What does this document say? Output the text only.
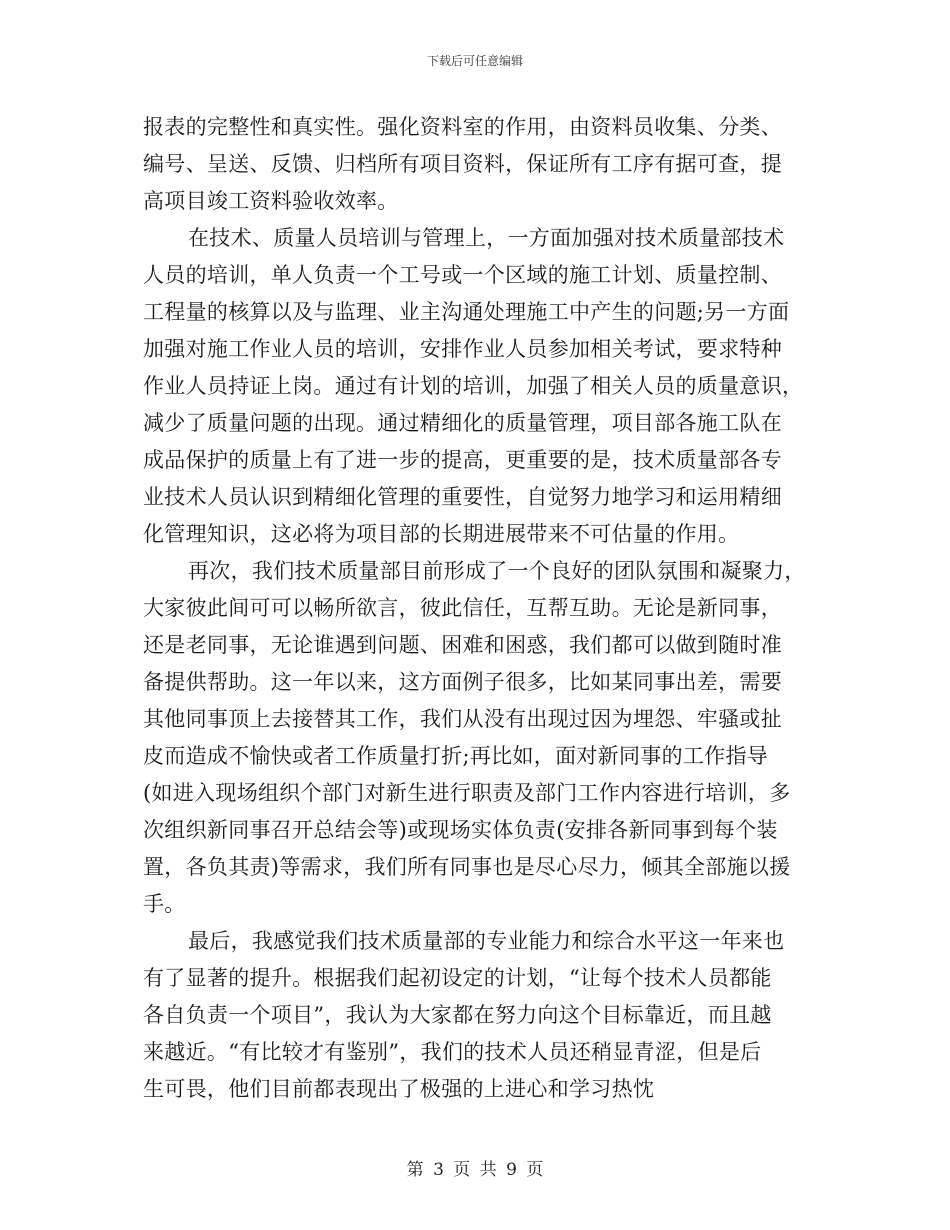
下载后可任意编辑
报表的完整性和真实性。强化资料室的作用，由资料员收集、分类、
编号、呈送、反馈、归档所有项目资料，保证所有工序有据可查，提
高项目竣工资料验收效率。
在技术、质量人员培训与管理上，一方面加强对技术质量部技术
人员的培训，单人负责一个工号或一个区域的施工计划、质量控制、
工程量的核算以及与监理、业主沟通处理施工中产生的问题;另一方面
加强对施工作业人员的培训，安排作业人员参加相关考试，要求特种
作业人员持证上岗。通过有计划的培训，加强了相关人员的质量意识，
减少了质量问题的出现。通过精细化的质量管理，项目部各施工队在
成品保护的质量上有了进一步的提高，更重要的是，技术质量部各专
业技术人员认识到精细化管理的重要性，自觉努力地学习和运用精细
化管理知识，这必将为项目部的长期进展带来不可估量的作用。
再次，我们技术质量部目前形成了一个良好的团队氛围和凝聚力，
大家彼此间可可以畅所欲言，彼此信任，互帮互助。无论是新同事，
还是老同事，无论谁遇到问题、困难和困惑，我们都可以做到随时准
备提供帮助。这一年以来，这方面例子很多，比如某同事出差，需要
其他同事顶上去接替其工作，我们从没有出现过因为埋怨、牢骚或扯
皮而造成不愉快或者工作质量打折;再比如，面对新同事的工作指导
(如进入现场组织个部门对新生进行职责及部门工作内容进行培训，多
次组织新同事召开总结会等)或现场实体负责(安排各新同事到每个装
置，各负其责)等需求，我们所有同事也是尽心尽力，倾其全部施以援
手。
最后，我感觉我们技术质量部的专业能力和综合水平这一年来也
有了显著的提升。根据我们起初设定的计划，“让每个技术人员都能
各自负责一个项目”，我认为大家都在努力向这个目标靠近，而且越
来越近。“有比较才有鉴别”，我们的技术人员还稍显青涩，但是后
生可畏，他们目前都表现出了极强的上进心和学习热忱
第 3 页 共 9 页
